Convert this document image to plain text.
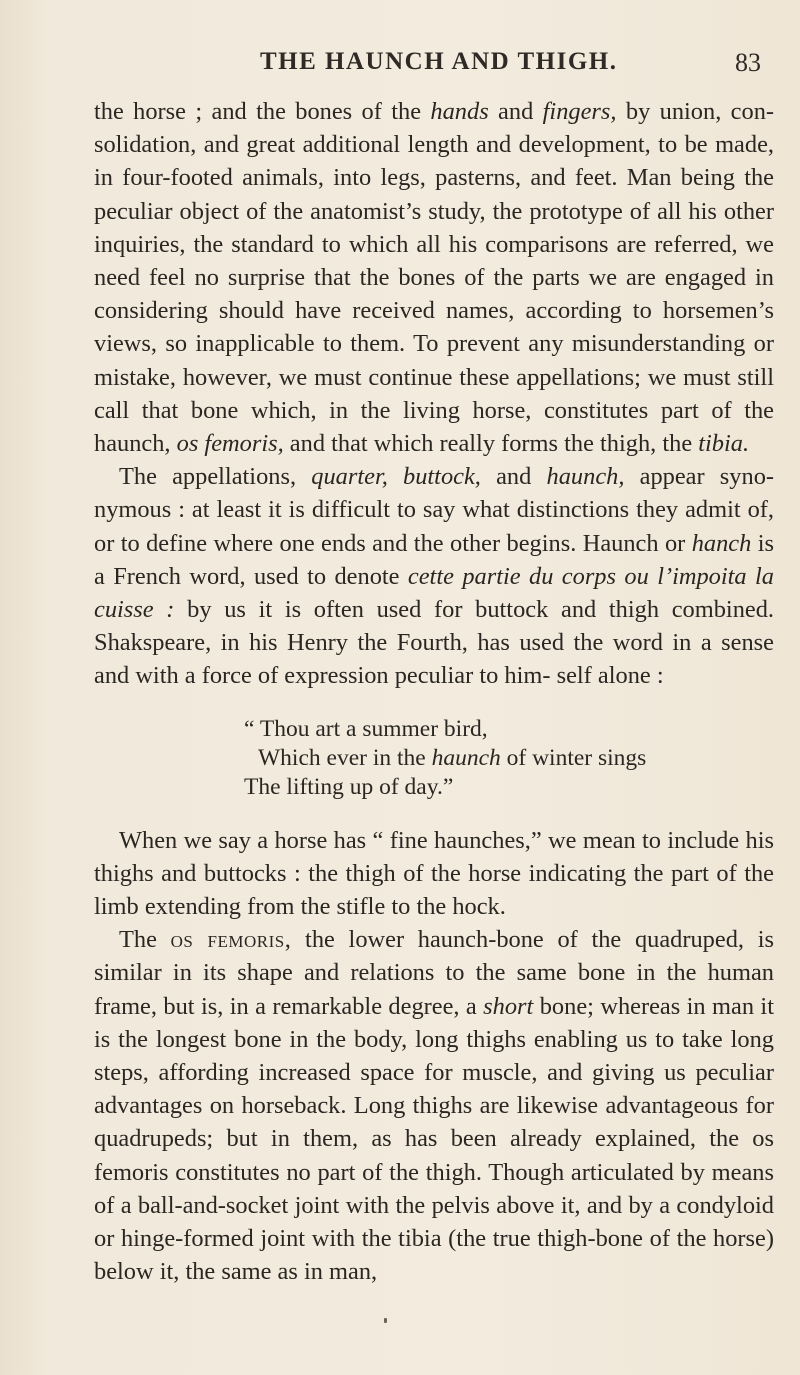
THE HAUNCH AND THIGH.	83

the horse ; and the bones of the hands and fingers, by union, con- solidation, and great additional length and development, to be made, in four-footed animals, into legs, pasterns, and feet. Man being the peculiar object of the anatomist’s study, the prototype of all his other inquiries, the standard to which all his comparisons are referred, we need feel no surprise that the bones of the parts we are engaged in considering should have received names, according to horsemen’s views, so inapplicable to them. To prevent any misunderstanding or mistake, however, we must continue these appellations; we must still call that bone which, in the living horse, constitutes part of the haunch, os femoris, and that which really forms the thigh, the tibia.

The appellations, quarter, buttock, and haunch, appear syno- nymous : at least it is difficult to say what distinctions they admit of, or to define where one ends and the other begins. Haunch or hanch is a French word, used to denote cette partie du corps ou l’impoita la cuisse : by us it is often used for buttock and thigh combined. Shakspeare, in his Henry the Fourth, has used the word in a sense and with a force of expression peculiar to him- self alone :

“ Thou art a summer bird,
Which ever in the haunch of winter sings
The lifting up of day.”

When we say a horse has “ fine haunches,” we mean to include his thighs and buttocks : the thigh of the horse indicating the part of the limb extending from the stifle to the hock.

The os femoris, the lower haunch-bone of the quadruped, is similar in its shape and relations to the same bone in the human frame, but is, in a remarkable degree, a short bone; whereas in man it is the longest bone in the body, long thighs enabling us to take long steps, affording increased space for muscle, and giving us peculiar advantages on horseback. Long thighs are likewise advantageous for quadrupeds; but in them, as has been already explained, the os femoris constitutes no part of the thigh. Though articulated by means of a ball-and-socket joint with the pelvis above it, and by a condyloid or hinge-formed joint with the tibia (the true thigh-bone of the horse) below it, the same as in man,
